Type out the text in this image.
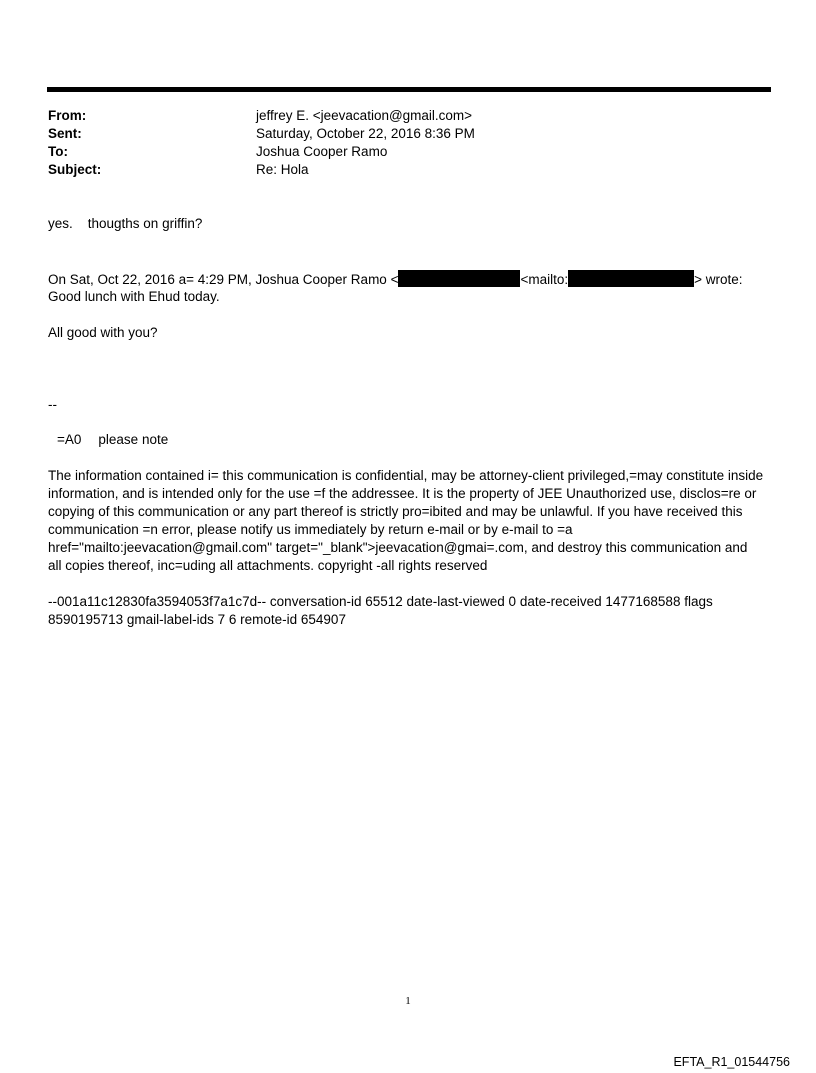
From:	jeffrey E. <jeevacation@gmail.com>
Sent:	Saturday, October 22, 2016 8:36 PM
To:	Joshua Cooper Ramo
Subject:	Re: Hola
yes.    thougths on griffin?
On Sat, Oct 22, 2016 a= 4:29 PM, Joshua Cooper Ramo <	<mailto:	> wrote:
Good lunch with Ehud today.
All good with you?
--
=A0 please note
The information contained i= this communication is confidential, may be attorney-client privileged,=may constitute inside information, and is intended only for the use =f the addressee. It is the property of JEE Unauthorized use, disclos=re or copying of this communication or any part thereof is strictly pro=ibited and may be unlawful. If you have received this communication =n error, please notify us immediately by return e-mail or by e-mail to =a href="mailto:jeevacation@gmail.com" target="_blank">jeevacation@gmai=.com, and destroy this communication and all copies thereof, inc=uding all attachments. copyright -all rights reserved
--001a11c12830fa3594053f7a1c7d-- conversation-id 65512 date-last-viewed 0 date-received 1477168588 flags 8590195713 gmail-label-ids 7 6 remote-id 654907
1
EFTA_R1_01544756
